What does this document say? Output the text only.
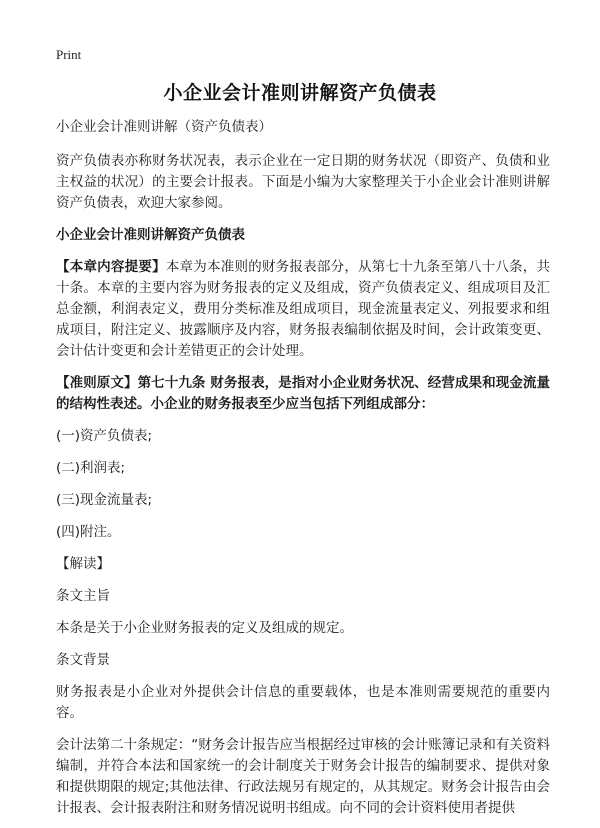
Print
小企业会计准则讲解资产负债表

小企业会计准则讲解（资产负债表）

资产负债表亦称财务状况表，表示企业在一定日期的财务状况（即资产、负债和业主权益的状况）的主要会计报表。下面是小编为大家整理关于小企业会计准则讲解资产负债表，欢迎大家参阅。

小企业会计准则讲解资产负债表

【本章内容提要】本章为本准则的财务报表部分，从第七十九条至第八十八条，共十条。本章的主要内容为财务报表的定义及组成，资产负债表定义、组成项目及汇总金额，利润表定义，费用分类标准及组成项目，现金流量表定义、列报要求和组成项目，附注定义、披露顺序及内容，财务报表编制依据及时间，会计政策变更、会计估计变更和会计差错更正的会计处理。

【准则原文】第七十九条 财务报表，是指对小企业财务状况、经营成果和现金流量的结构性表述。小企业的财务报表至少应当包括下列组成部分：

(一)资产负债表;

(二)利润表;

(三)现金流量表;

(四)附注。

【解读】

条文主旨

本条是关于小企业财务报表的定义及组成的规定。

条文背景

财务报表是小企业对外提供会计信息的重要载体，也是本准则需要规范的重要内容。

会计法第二十条规定：“财务会计报告应当根据经过审核的会计账簿记录和有关资料编制，并符合本法和国家统一的会计制度关于财务会计报告的编制要求、提供对象和提供期限的规定;其他法律、行政法规另有规定的，从其规定。财务会计报告由会计报表、会计报表附注和财务情况说明书组成。向不同的会计资料使用者提供
